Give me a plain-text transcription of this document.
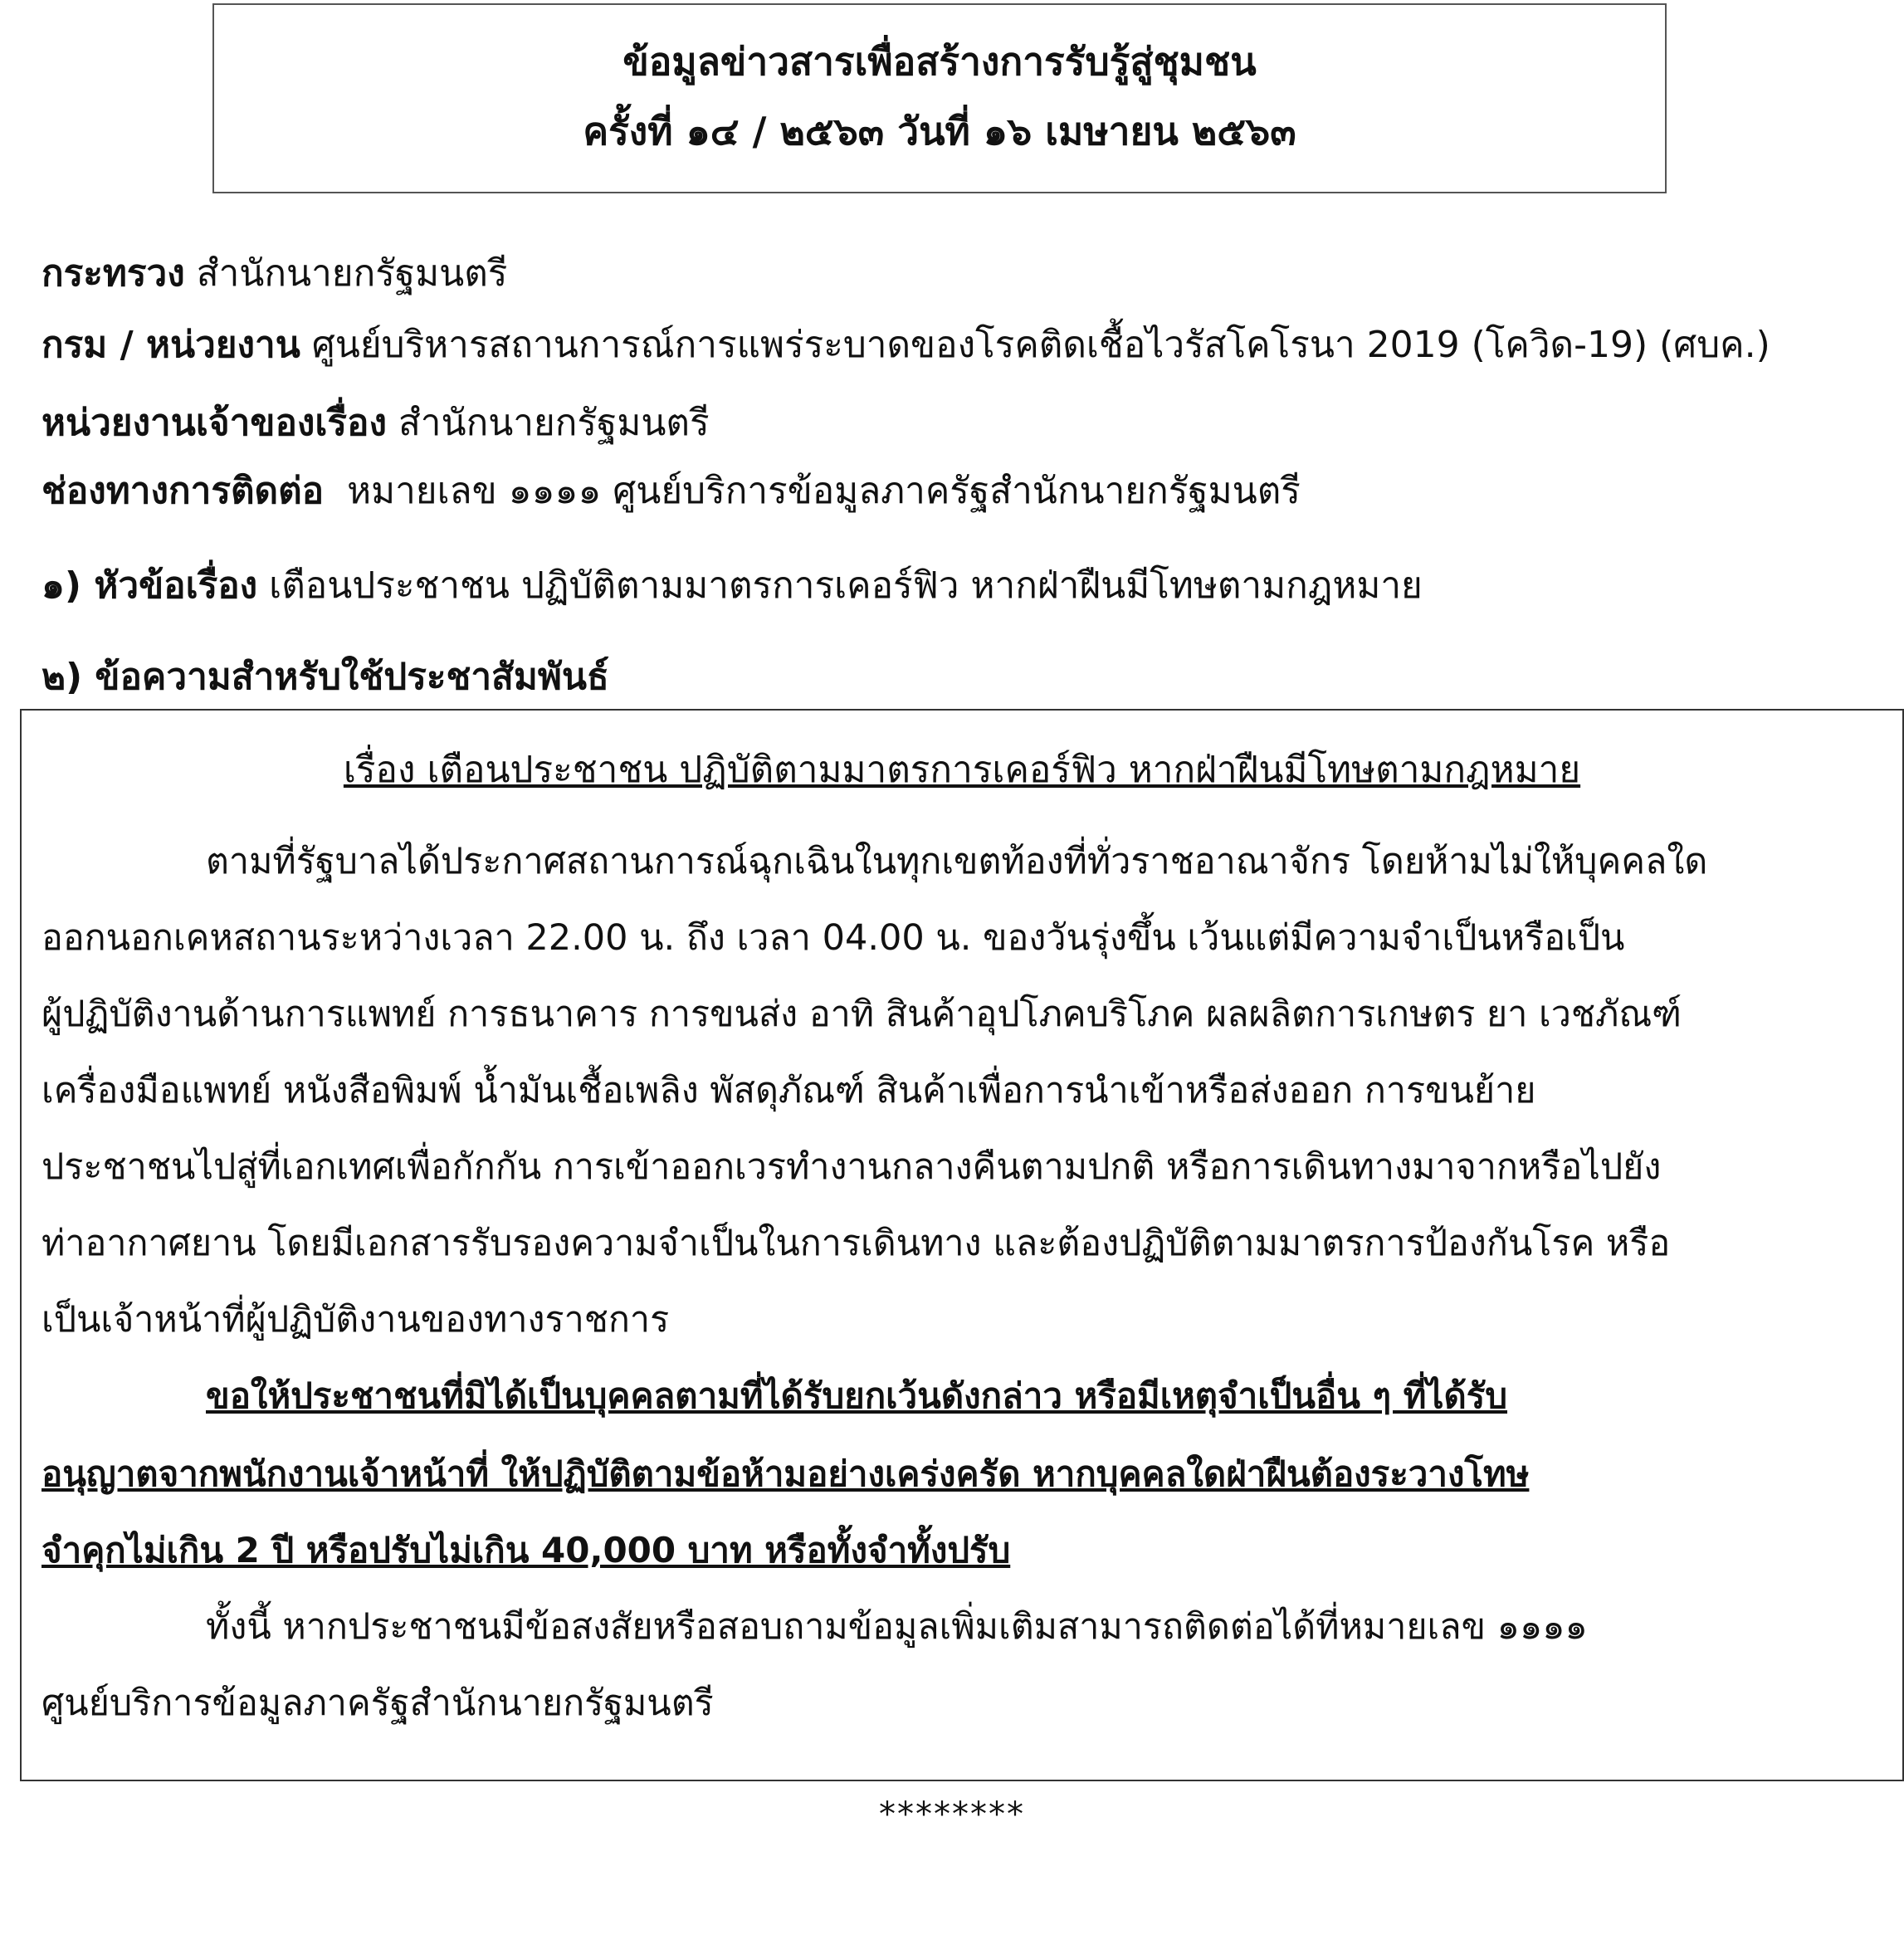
ข้อมูลข่าวสารเพื่อสร้างการรับรู้สู่ชุมชน
ครั้งที่ ๑๔ / ๒๕๖๓ วันที่ ๑๖ เมษายน ๒๕๖๓
กระทรวง สำนักนายกรัฐมนตรี
กรม / หน่วยงาน ศูนย์บริหารสถานการณ์การแพร่ระบาดของโรคติดเชื้อไวรัสโคโรนา 2019 (โควิด-19) (ศบค.)
หน่วยงานเจ้าของเรื่อง สำนักนายกรัฐมนตรี
ช่องทางการติดต่อ หมายเลข ๑๑๑๑ ศูนย์บริการข้อมูลภาครัฐสำนักนายกรัฐมนตรี
๑) หัวข้อเรื่อง เตือนประชาชน ปฏิบัติตามมาตรการเคอร์ฟิว หากฝ่าฝืนมีโทษตามกฎหมาย
๒) ข้อความสำหรับใช้ประชาสัมพันธ์
เรื่อง เตือนประชาชน ปฏิบัติตามมาตรการเคอร์ฟิว หากฝ่าฝืนมีโทษตามกฎหมาย
ตามที่รัฐบาลได้ประกาศสถานการณ์ฉุกเฉินในทุกเขตท้องที่ทั่วราชอาณาจักร โดยห้ามไม่ให้บุคคลใด
ออกนอกเคหสถานระหว่างเวลา 22.00 น. ถึง เวลา 04.00 น. ของวันรุ่งขึ้น เว้นแต่มีความจำเป็นหรือเป็น
ผู้ปฏิบัติงานด้านการแพทย์ การธนาคาร การขนส่ง อาทิ สินค้าอุปโภคบริโภค ผลผลิตการเกษตร ยา เวชภัณฑ์
เครื่องมือแพทย์ หนังสือพิมพ์ น้ำมันเชื้อเพลิง พัสดุภัณฑ์ สินค้าเพื่อการนำเข้าหรือส่งออก การขนย้าย
ประชาชนไปสู่ที่เอกเทศเพื่อกักกัน การเข้าออกเวรทำงานกลางคืนตามปกติ หรือการเดินทางมาจากหรือไปยัง
ท่าอากาศยาน โดยมีเอกสารรับรองความจำเป็นในการเดินทาง และต้องปฏิบัติตามมาตรการป้องกันโรค หรือ
เป็นเจ้าหน้าที่ผู้ปฏิบัติงานของทางราชการ
ขอให้ประชาชนที่มิได้เป็นบุคคลตามที่ได้รับยกเว้นดังกล่าว หรือมีเหตุจำเป็นอื่น ๆ ที่ได้รับ
อนุญาตจากพนักงานเจ้าหน้าที่ ให้ปฏิบัติตามข้อห้ามอย่างเคร่งครัด หากบุคคลใดฝ่าฝืนต้องระวางโทษ
จำคุกไม่เกิน 2 ปี หรือปรับไม่เกิน 40,000 บาท หรือทั้งจำทั้งปรับ
ทั้งนี้ หากประชาชนมีข้อสงสัยหรือสอบถามข้อมูลเพิ่มเติมสามารถติดต่อได้ที่หมายเลข ๑๑๑๑
ศูนย์บริการข้อมูลภาครัฐสำนักนายกรัฐมนตรี
********
